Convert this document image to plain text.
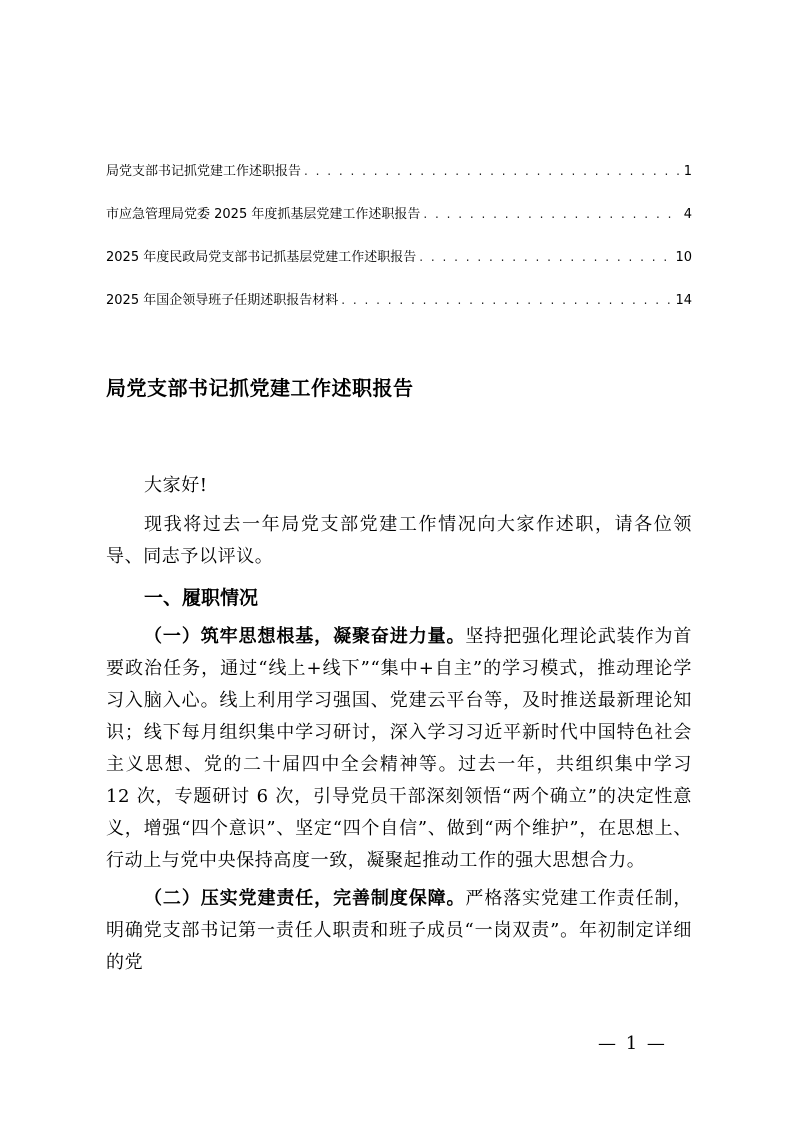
局党支部书记抓党建工作述职报告 . . .	1
市应急管理局党委 2025 年度抓基层党建工作述职报告 . . .	4
2025 年度民政局党支部书记抓基层党建工作述职报告 . . .	10
2025 年国企领导班子任期述职报告材料 . . .	14
局党支部书记抓党建工作述职报告

大家好!

现我将过去一年局党支部党建工作情况向大家作述职，请各位领导、同志予以评议。

一、履职情况

（一）筑牢思想根基，凝聚奋进力量。坚持把强化理论武装作为首要政治任务，通过“线上+线下”“集中+自主”的学习模式，推动理论学习入脑入心。线上利用学习强国、党建云平台等，及时推送最新理论知识；线下每月组织集中学习研讨，深入学习习近平新时代中国特色社会主义思想、党的二十届四中全会精神等。过去一年，共组织集中学习 12 次，专题研讨 6 次，引导党员干部深刻领悟“两个确立”的决定性意义，增强“四个意识”、坚定“四个自信”、做到“两个维护”，在思想上、行动上与党中央保持高度一致，凝聚起推动工作的强大思想合力。

（二）压实党建责任，完善制度保障。严格落实党建工作责任制，明确党支部书记第一责任人职责和班子成员“一岗双责”。年初制定详细的党

— 1 —
